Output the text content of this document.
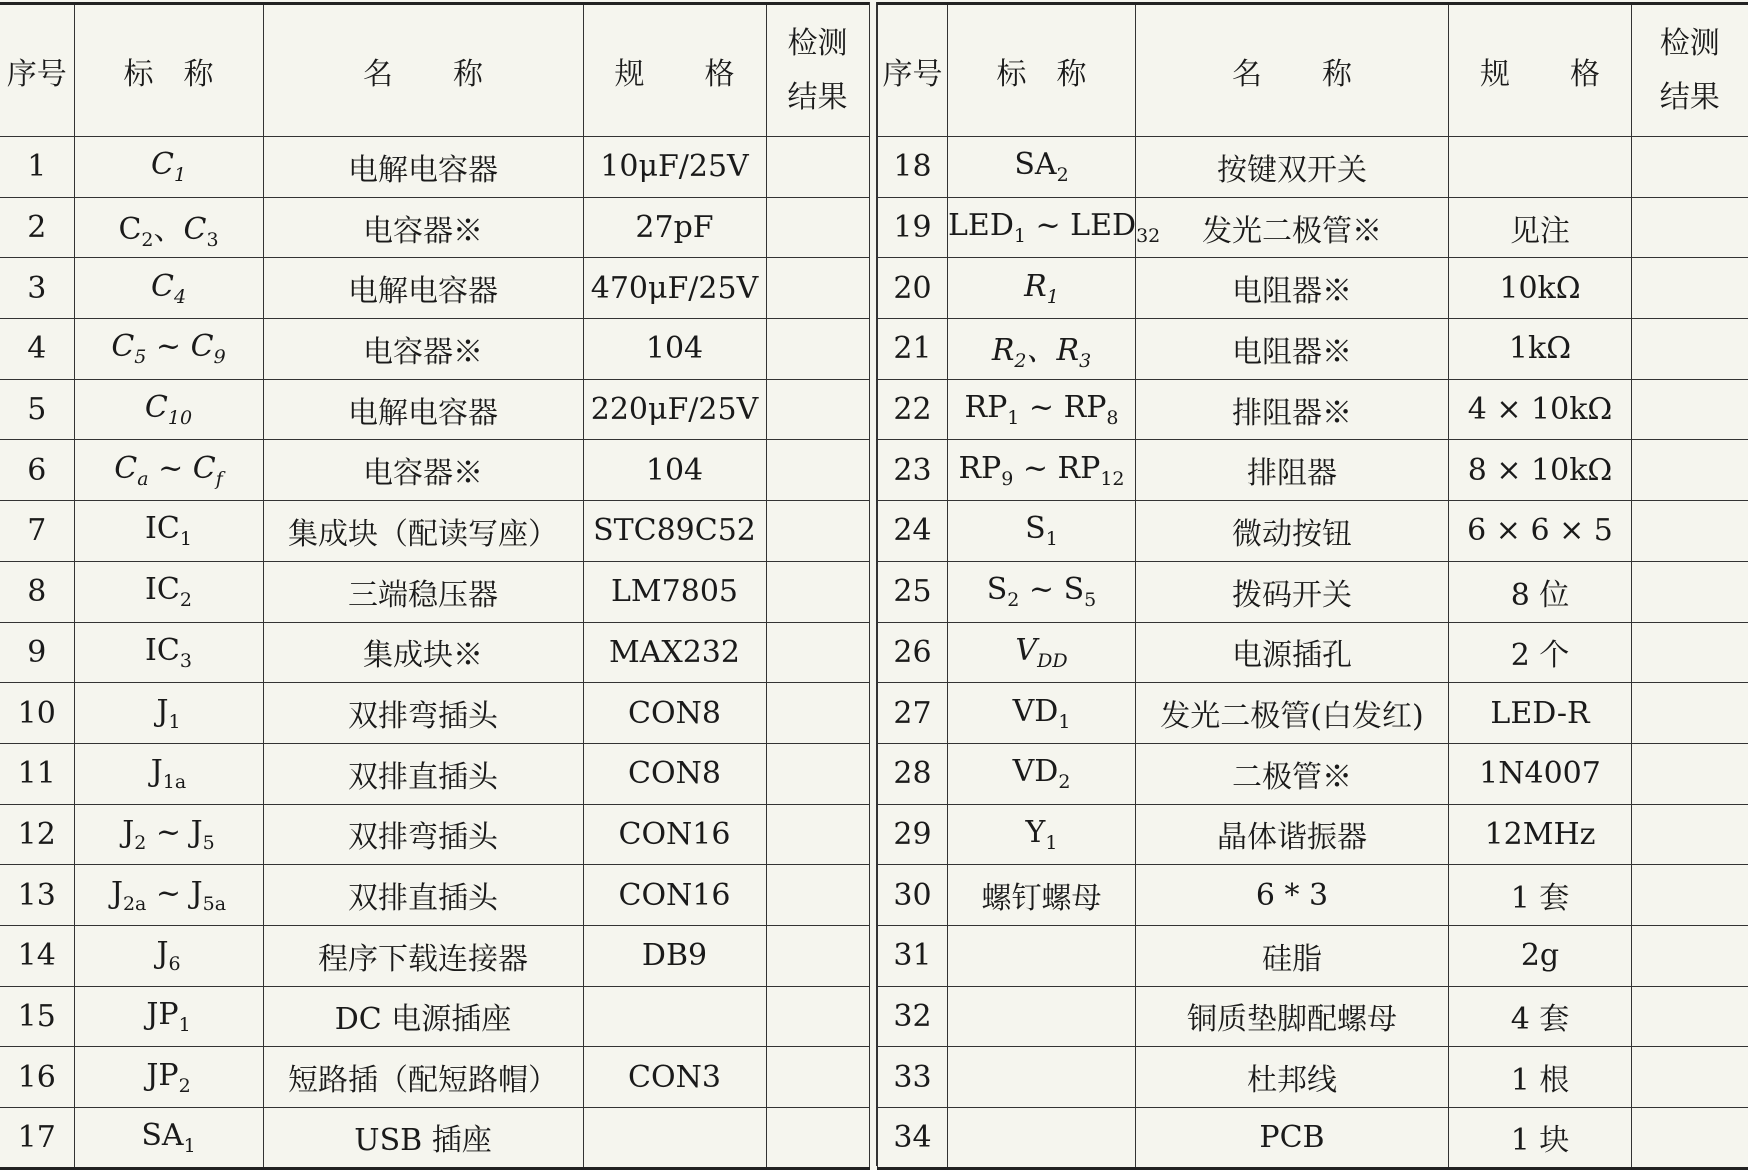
序号	标　称	名　　称	规　　格	检测结果

1	$C_1$	电解电容器	10μF/25V	
2	$C_2$、$C_3$	电容器※	27pF	
3	$C_4$	电解电容器	470μF/25V	
4	$C_5$ ~ $C_9$	电容器※	104	
5	$C_{10}$	电解电容器	220μF/25V	
6	$C_a$ ~ $C_f$	电容器※	104	
7	$IC_1$	集成块（配读写座）	STC89C52	
8	$IC_2$	三端稳压器	LM7805	
9	$IC_3$	集成块※	MAX232	
10	$J_1$	双排弯插头	CON8	
11	$J_{1a}$	双排直插头	CON8	
12	$J_2$ ~ $J_5$	双排弯插头	CON16	
13	$J_{2a}$ ~ $J_{5a}$	双排直插头	CON16	
14	$J_6$	程序下载连接器	DB9	
15	$JP_1$	DC 电源插座		
16	$JP_2$	短路插（配短路帽）	CON3	
17	$SA_1$	USB 插座		
序号	标　称	名　　称	规　　格	检测结果

18	$SA_2$	按键双开关		
19	$LED_1$ ~ $LED_{32}$	发光二极管※	见注	
20	$R_1$	电阻器※	10kΩ	
21	$R_2$、$R_3$	电阻器※	1kΩ	
22	$RP_1$ ~ $RP_8$	排阻器※	4 × 10kΩ	
23	$RP_9$ ~ $RP_{12}$	排阻器	8 × 10kΩ	
24	$S_1$	微动按钮	6 × 6 × 5	
25	$S_2$ ~ $S_5$	拨码开关	8 位	
26	$V_{DD}$	电源插孔	2 个	
27	$VD_1$	发光二极管(白发红)	LED-R	
28	$VD_2$	二极管※	1N4007	
29	$Y_1$	晶体谐振器	12MHz	
30	螺钉螺母	6 * 3	1 套	
31		硅脂	2g	
32		铜质垫脚配螺母	4 套	
33		杜邦线	1 根	
34		PCB	1 块	
